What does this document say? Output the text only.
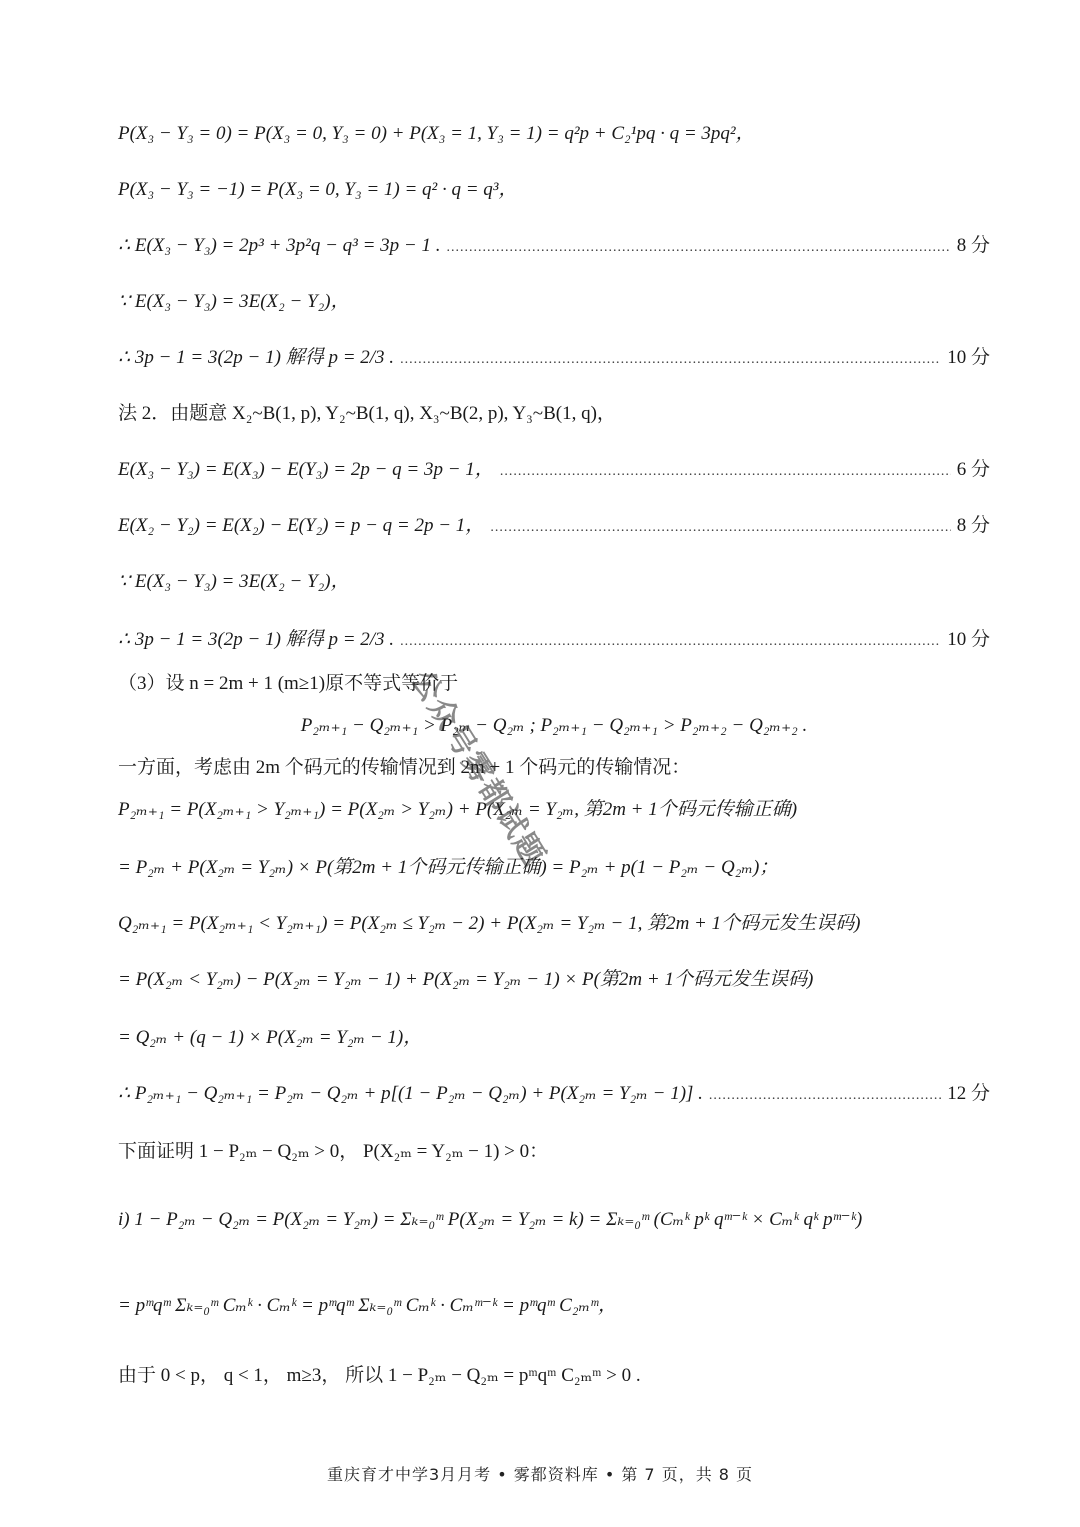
P(X₃ − Y₃ = 0) = P(X₃ = 0, Y₃ = 0) + P(X₃ = 1, Y₃ = 1) = q²p + C₂¹pq · q = 3pq²，
P(X₃ − Y₃ = −1) = P(X₃ = 0, Y₃ = 1) = q² · q = q³，
∴ E(X₃ − Y₃) = 2p³ + 3p²q − q³ = 3p − 1 . .....	8 分
∵ E(X₃ − Y₃) = 3E(X₂ − Y₂)，
∴ 3p − 1 = 3(2p − 1) 解得 p = 2/3 . .....	10 分
法 2．由题意 X₂~B(1, p), Y₂~B(1, q), X₃~B(2, p), Y₃~B(1, q)，
E(X₃ − Y₃) = E(X₃) − E(Y₃) = 2p − q = 3p − 1， .....	6 分
E(X₂ − Y₂) = E(X₂) − E(Y₂) = p − q = 2p − 1， .....	8 分
∵ E(X₃ − Y₃) = 3E(X₂ − Y₂)，
∴ 3p − 1 = 3(2p − 1) 解得 p = 2/3 . .....	10 分
（3）设 n = 2m + 1 (m≥1)原不等式等价于
P₂ₘ₊₁ − Q₂ₘ₊₁ > P₂ₘ − Q₂ₘ ; P₂ₘ₊₁ − Q₂ₘ₊₁ > P₂ₘ₊₂ − Q₂ₘ₊₂ .
一方面，考虑由 2m 个码元的传输情况到 2m + 1 个码元的传输情况：
P₂ₘ₊₁ = P(X₂ₘ₊₁ > Y₂ₘ₊₁) = P(X₂ₘ > Y₂ₘ) + P(X₂ₘ = Y₂ₘ, 第2m + 1个码元传输正确)
= P₂ₘ + P(X₂ₘ = Y₂ₘ) × P(第2m + 1个码元传输正确) = P₂ₘ + p(1 − P₂ₘ − Q₂ₘ)；
Q₂ₘ₊₁ = P(X₂ₘ₊₁ < Y₂ₘ₊₁) = P(X₂ₘ ≤ Y₂ₘ − 2) + P(X₂ₘ = Y₂ₘ − 1, 第2m + 1个码元发生误码)
= P(X₂ₘ < Y₂ₘ) − P(X₂ₘ = Y₂ₘ − 1) + P(X₂ₘ = Y₂ₘ − 1) × P(第2m + 1个码元发生误码)
= Q₂ₘ + (q − 1) × P(X₂ₘ = Y₂ₘ − 1)，
∴ P₂ₘ₊₁ − Q₂ₘ₊₁ = P₂ₘ − Q₂ₘ + p[(1 − P₂ₘ − Q₂ₘ) + P(X₂ₘ = Y₂ₘ − 1)] . .....	12 分
下面证明 1 − P₂ₘ − Q₂ₘ > 0， P(X₂ₘ = Y₂ₘ − 1) > 0：
i) 1 − P₂ₘ − Q₂ₘ = P(X₂ₘ = Y₂ₘ) = Σₖ₌₀ᵐ P(X₂ₘ = Y₂ₘ = k) = Σₖ₌₀ᵐ (Cₘᵏ pᵏ qᵐ⁻ᵏ × Cₘᵏ qᵏ pᵐ⁻ᵏ)
= pᵐqᵐ Σₖ₌₀ᵐ Cₘᵏ · Cₘᵏ = pᵐqᵐ Σₖ₌₀ᵐ Cₘᵏ · Cₘᵐ⁻ᵏ = pᵐqᵐ C₂ₘᵐ，
由于 0 < p， q < 1， m≥3， 所以 1 − P₂ₘ − Q₂ₘ = pᵐqᵐ C₂ₘᵐ > 0 .
公众号雾都试题
重庆育才中学3月月考 • 雾都资料库 • 第 7 页，共 8 页
